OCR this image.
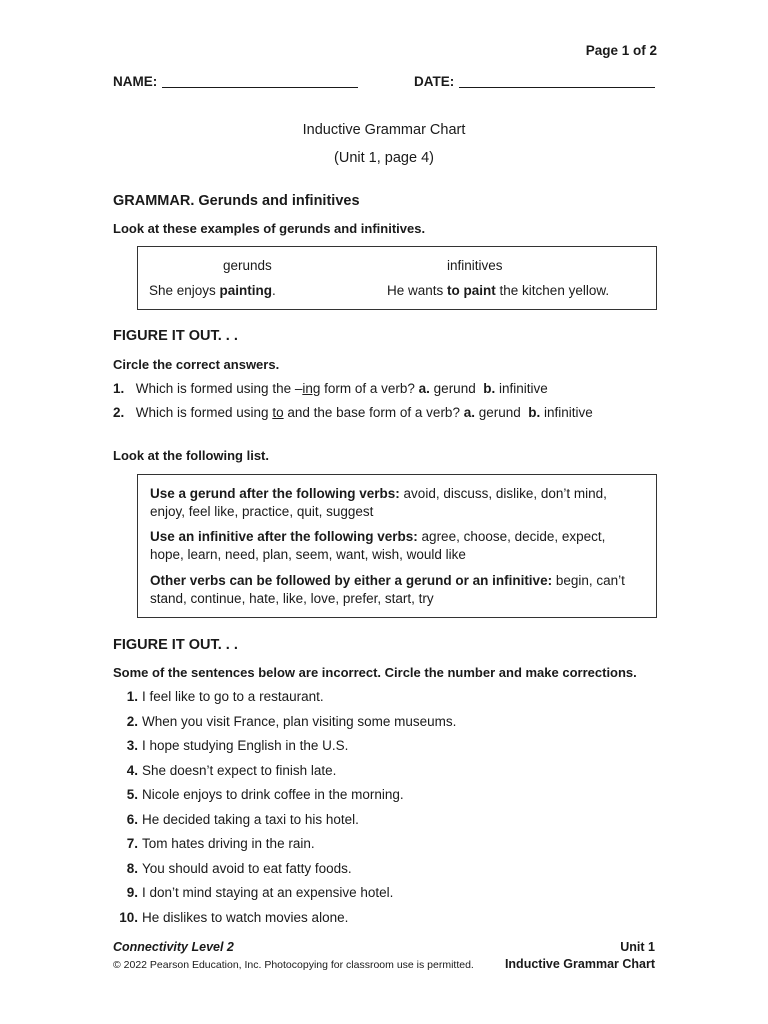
Page 1 of 2
NAME:	DATE:
Inductive Grammar Chart
(Unit 1, page 4)
GRAMMAR. Gerunds and infinitives
Look at these examples of gerunds and infinitives.
gerunds	infinitives
She enjoys painting.	He wants to paint the kitchen yellow.
FIGURE IT OUT. . .
Circle the correct answers.
1. Which is formed using the –ing form of a verb? a. gerund  b. infinitive
2. Which is formed using to and the base form of a verb? a. gerund  b. infinitive
Look at the following list.
Use a gerund after the following verbs: avoid, discuss, dislike, don’t mind, enjoy, feel like, practice, quit, suggest
Use an infinitive after the following verbs: agree, choose, decide, expect, hope, learn, need, plan, seem, want, wish, would like
Other verbs can be followed by either a gerund or an infinitive: begin, can’t stand, continue, hate, like, love, prefer, start, try
FIGURE IT OUT. . .
Some of the sentences below are incorrect. Circle the number and make corrections.
1. I feel like to go to a restaurant.
2. When you visit France, plan visiting some museums.
3. I hope studying English in the U.S.
4. She doesn’t expect to finish late.
5. Nicole enjoys to drink coffee in the morning.
6. He decided taking a taxi to his hotel.
7. Tom hates driving in the rain.
8. You should avoid to eat fatty foods.
9. I don’t mind staying at an expensive hotel.
10. He dislikes to watch movies alone.
Connectivity Level 2
© 2022 Pearson Education, Inc. Photocopying for classroom use is permitted.
Unit 1
Inductive Grammar Chart
